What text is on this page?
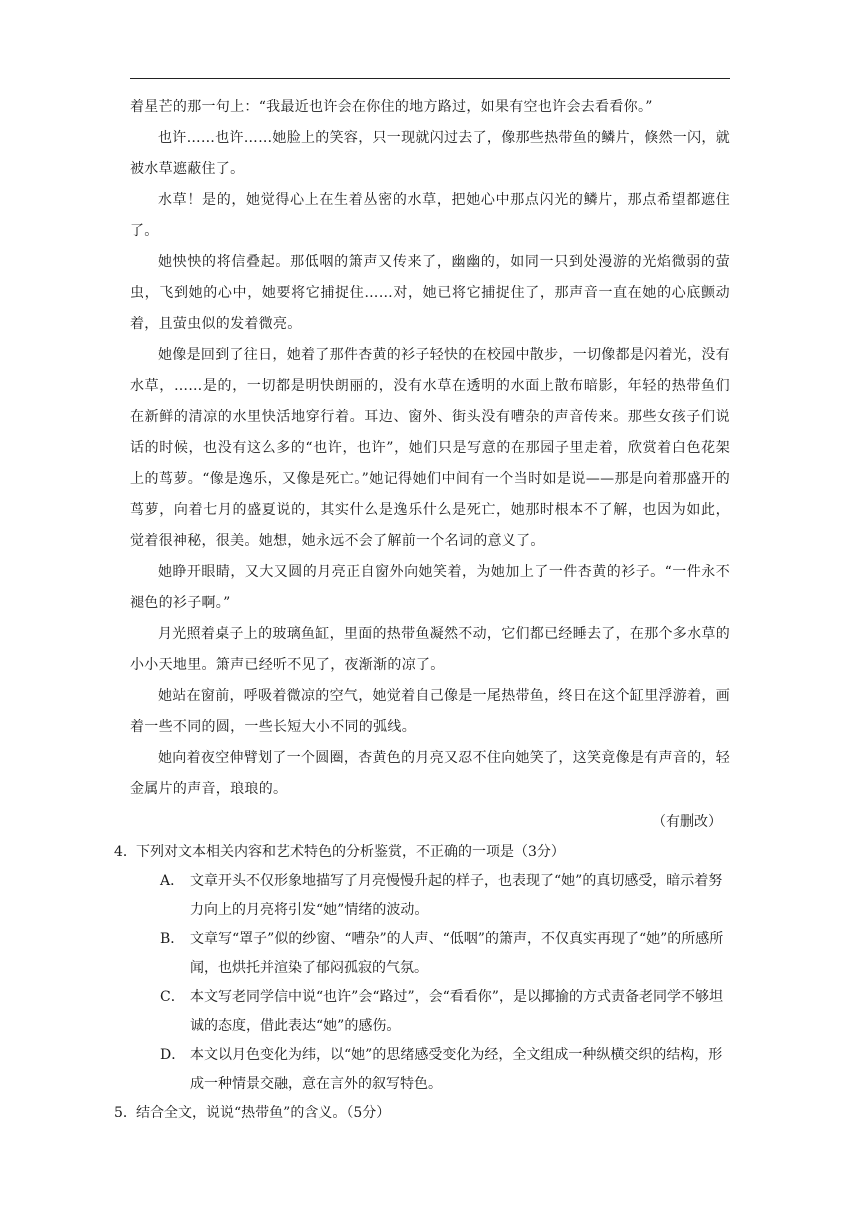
着星芒的那一句上：“我最近也许会在你住的地方路过，如果有空也许会去看看你。”

也许……也许……她脸上的笑容，只一现就闪过去了，像那些热带鱼的鳞片，倏然一闪，就被水草遮蔽住了。

水草！是的，她觉得心上在生着丛密的水草，把她心中那点闪光的鳞片，那点希望都遮住了。

她怏怏的将信叠起。那低咽的箫声又传来了，幽幽的，如同一只到处漫游的光焰微弱的萤虫，飞到她的心中，她要将它捕捉住……对，她已将它捕捉住了，那声音一直在她的心底颤动着，且萤虫似的发着微亮。

她像是回到了往日，她着了那件杏黄的衫子轻快的在校园中散步，一切像都是闪着光，没有水草，……是的，一切都是明快朗丽的，没有水草在透明的水面上散布暗影，年轻的热带鱼们在新鲜的清凉的水里快活地穿行着。耳边、窗外、街头没有嘈杂的声音传来。那些女孩子们说话的时候，也没有这么多的“也许，也许”，她们只是写意的在那园子里走着，欣赏着白色花架上的茑萝。“像是逸乐，又像是死亡。”她记得她们中间有一个当时如是说——那是向着那盛开的茑萝，向着七月的盛夏说的，其实什么是逸乐什么是死亡，她那时根本不了解，也因为如此，觉着很神秘，很美。她想，她永远不会了解前一个名词的意义了。

她睁开眼睛，又大又圆的月亮正自窗外向她笑着，为她加上了一件杏黄的衫子。“一件永不褪色的衫子啊。”

月光照着桌子上的玻璃鱼缸，里面的热带鱼凝然不动，它们都已经睡去了，在那个多水草的小小天地里。箫声已经听不见了，夜渐渐的凉了。

她站在窗前，呼吸着微凉的空气，她觉着自己像是一尾热带鱼，终日在这个缸里浮游着，画着一些不同的圆，一些长短大小不同的弧线。

她向着夜空伸臂划了一个圆圈，杏黄色的月亮又忍不住向她笑了，这笑竟像是有声音的，轻金属片的声音，琅琅的。

（有删改）

4．下列对文本相关内容和艺术特色的分析鉴赏，不正确的一项是（3分）

A． 文章开头不仅形象地描写了月亮慢慢升起的样子，也表现了“她”的真切感受，暗示着努力向上的月亮将引发“她”情绪的波动。

B． 文章写“罩子”似的纱窗、“嘈杂”的人声、“低咽”的箫声，不仅真实再现了“她”的所感所闻，也烘托并渲染了郁闷孤寂的气氛。

C． 本文写老同学信中说“也许”会“路过”，会“看看你”，是以揶揄的方式责备老同学不够坦诚的态度，借此表达“她”的感伤。

D． 本文以月色变化为纬，以“她”的思绪感受变化为经，全文组成一种纵横交织的结构，形成一种情景交融，意在言外的叙写特色。

5．结合全文，说说“热带鱼”的含义。（5分）
